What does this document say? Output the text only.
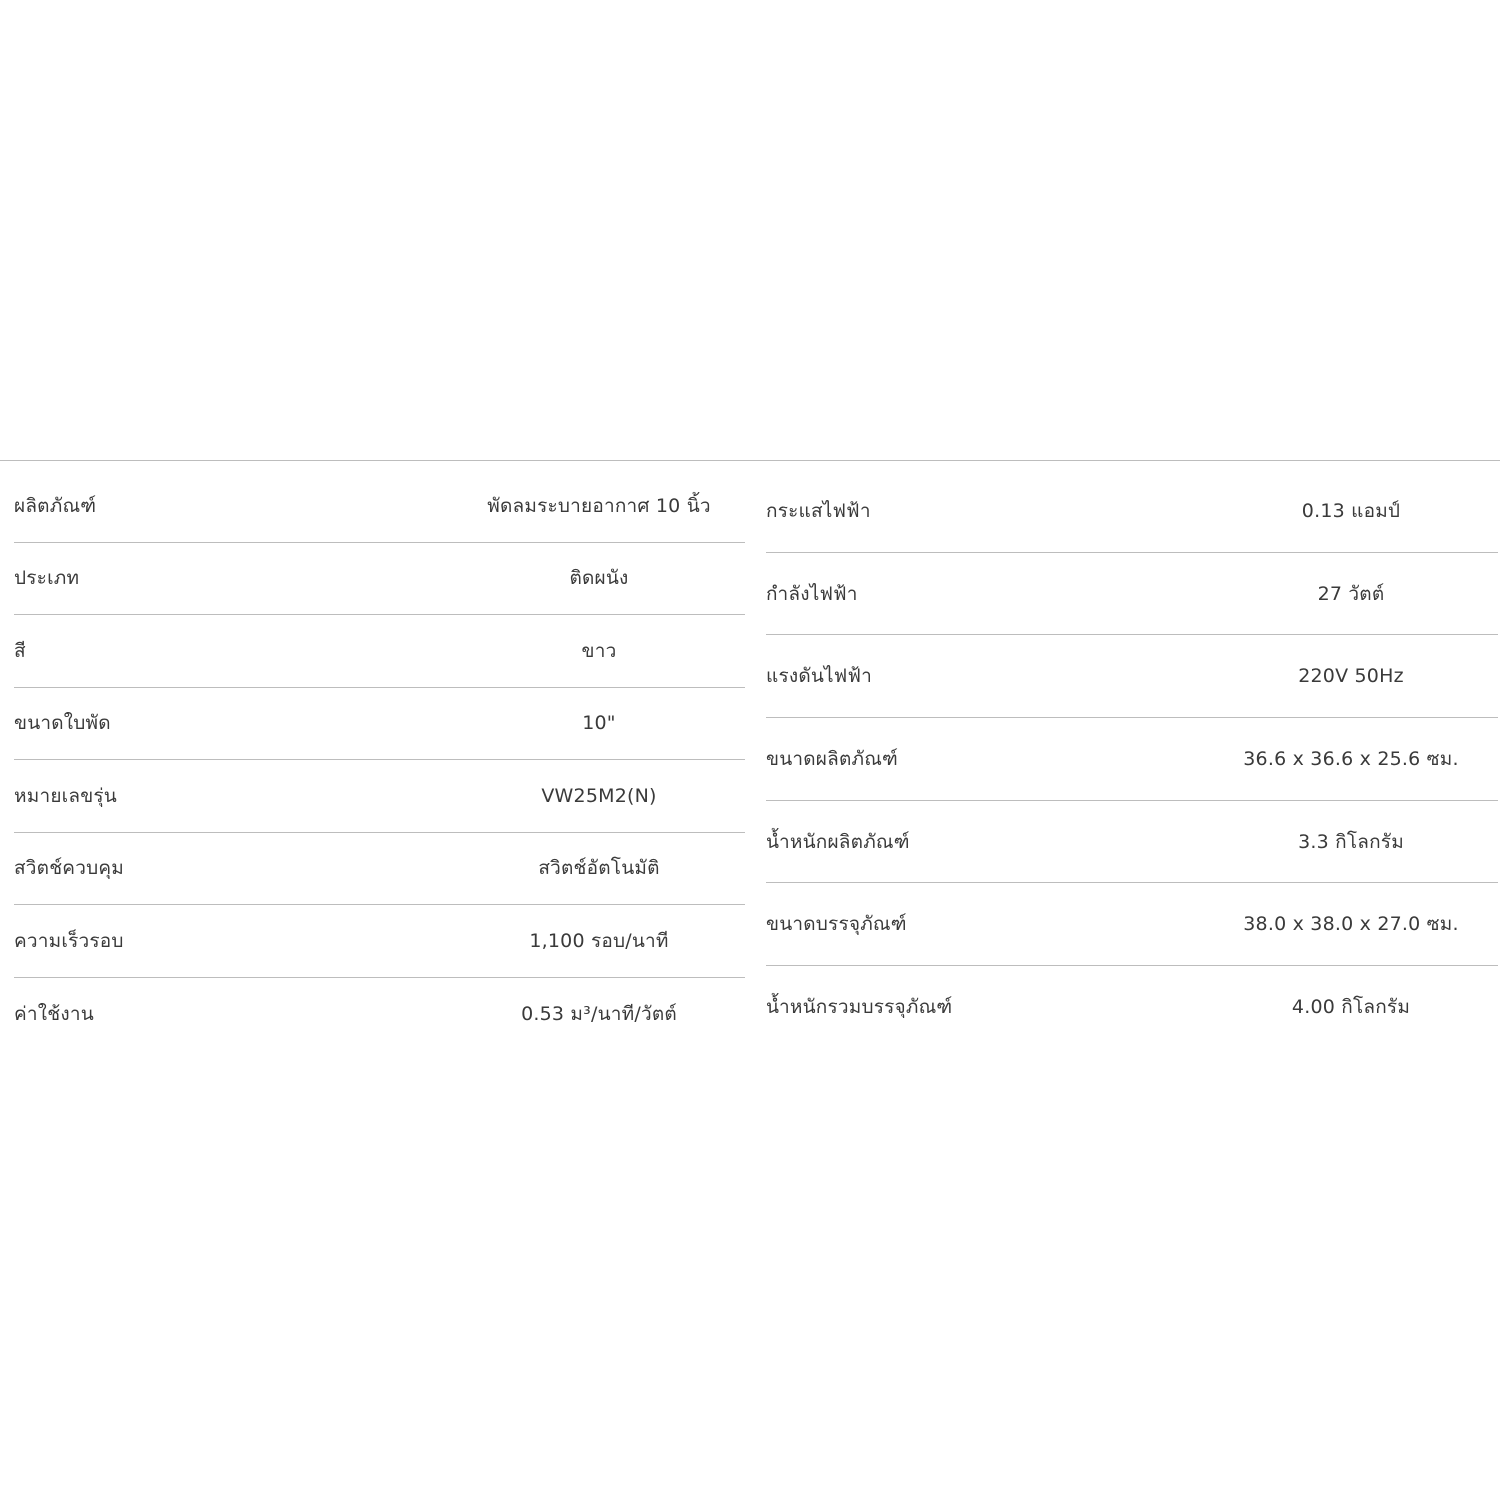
ผลิตภัณฑ์	พัดลมระบายอากาศ 10 นิ้ว
ประเภท	ติดผนัง
สี	ขาว
ขนาดใบพัด	10"
หมายเลขรุ่น	VW25M2(N)
สวิตช์ควบคุม	สวิตช์อัตโนมัติ
ความเร็วรอบ	1,100 รอบ/นาที
ค่าใช้งาน	0.53 ม³/นาที/วัตต์
กระแสไฟฟ้า	0.13 แอมป์
กำลังไฟฟ้า	27 วัตต์
แรงดันไฟฟ้า	220V 50Hz
ขนาดผลิตภัณฑ์	36.6 x 36.6 x 25.6 ซม.
น้ำหนักผลิตภัณฑ์	3.3 กิโลกรัม
ขนาดบรรจุภัณฑ์	38.0 x 38.0 x 27.0 ซม.
น้ำหนักรวมบรรจุภัณฑ์	4.00 กิโลกรัม
